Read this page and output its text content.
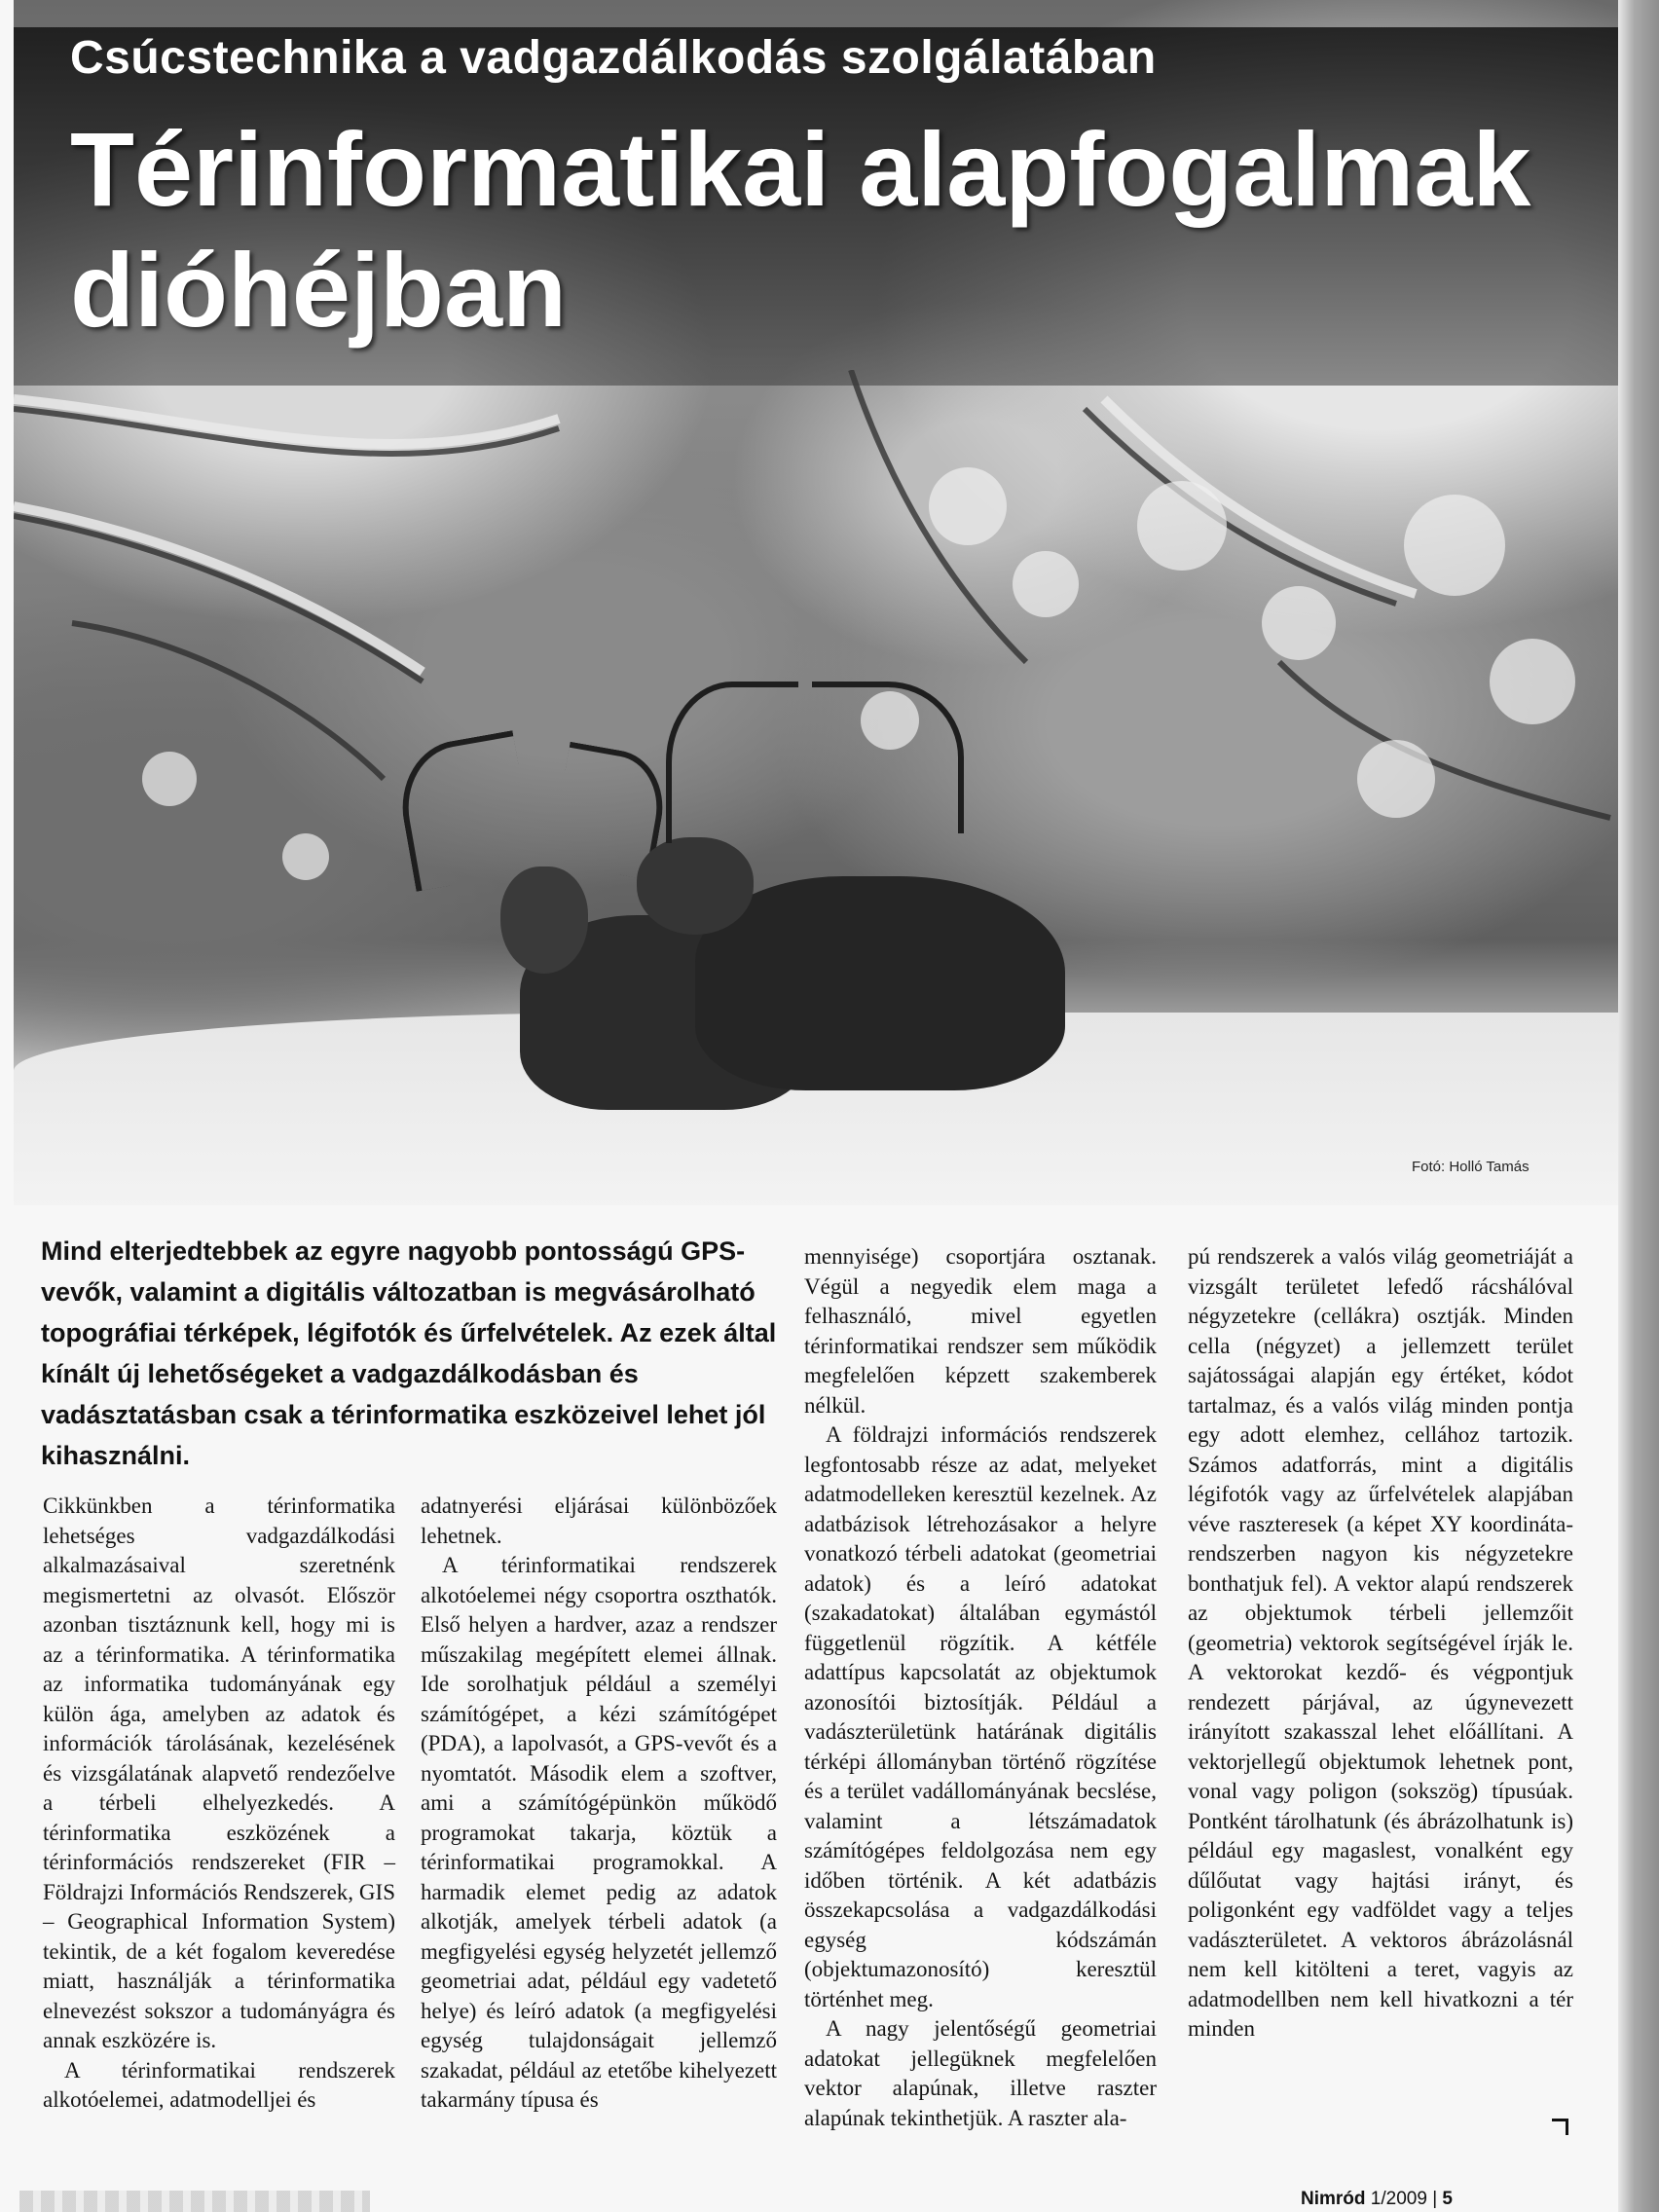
Csúcstechnika a vadgazdálkodás szolgálatában
Térinformatikai alapfogalmak
dióhéjban
Fotó: Holló Tamás
Mind elterjedtebbek az egyre nagyobb pontosságú GPS-vevők, valamint a digitális változatban is megvásárolható topográfiai térképek, légifotók és űrfelvételek. Az ezek által kínált új lehetőségeket a vadgazdálkodásban és vadásztatásban csak a térinformatika eszközeivel lehet jól kihasználni.

Cikkünkben a térinformatika lehetséges vadgazdálkodási alkalmazásaival szeretnénk megismertetni az olvasót. Először azonban tisztáznunk kell, hogy mi is az a térinformatika. A térinformatika az informatika tudományának egy külön ága, amelyben az adatok és információk tárolásának, kezelésének és vizsgálatának alapvető rendezőelve a térbeli elhelyezkedés. A térinformatika eszközének a térinformációs rendszereket (FIR – Földrajzi Információs Rendszerek, GIS – Geographical Information System) tekintik, de a két fogalom keveredése miatt, használják a térinformatika elnevezést sokszor a tudományágra és annak eszközére is.

A térinformatikai rendszerek alkotóelemei, adatmodelljei és

adatnyerési eljárásai különbözőek lehetnek.

A térinformatikai rendszerek alkotóelemei négy csoportra oszthatók. Első helyen a hardver, azaz a rendszer műszakilag megépített elemei állnak. Ide sorolhatjuk például a személyi számítógépet, a kézi számítógépet (PDA), a lapolvasót, a GPS-vevőt és a nyomtatót. Második elem a szoftver, ami a számítógépünkön működő programokat takarja, köztük a térinformatikai programokkal. A harmadik elemet pedig az adatok alkotják, amelyek térbeli adatok (a megfigyelési egység helyzetét jellemző geometriai adat, például egy vadetető helye) és leíró adatok (a megfigyelési egység tulajdonságait jellemző szakadat, például az etetőbe kihelyezett takarmány típusa és

mennyisége) csoportjára osztanak. Végül a negyedik elem maga a felhasználó, mivel egyetlen térinformatikai rendszer sem működik megfelelően képzett szakemberek nélkül.

A földrajzi információs rendszerek legfontosabb része az adat, melyeket adatmodelleken keresztül kezelnek. Az adatbázisok létrehozásakor a helyre vonatkozó térbeli adatokat (geometriai adatok) és a leíró adatokat (szakadatokat) általában egymástól függetlenül rögzítik. A kétféle adattípus kapcsolatát az objektumok azonosítói biztosítják. Például a vadászterületünk határának digitális térképi állományban történő rögzítése és a terület vadállományának becslése, valamint a létszámadatok számítógépes feldolgozása nem egy időben történik. A két adatbázis összekapcsolása a vadgazdálkodási egység kódszámán (objektumazonosító) keresztül történhet meg.

A nagy jelentőségű geometriai adatokat jellegüknek megfelelően vektor alapúnak, illetve raszter alapúnak tekinthetjük. A raszter ala-

pú rendszerek a valós világ geometriáját a vizsgált területet lefedő rácshálóval négyzetekre (cellákra) osztják. Minden cella (négyzet) a jellemzett terület sajátosságai alapján egy értéket, kódot tartalmaz, és a valós világ minden pontja egy adott elemhez, cellához tartozik. Számos adatforrás, mint a digitális légifotók vagy az űrfelvételek alapjában véve raszteresek (a képet XY koordináta-rendszerben nagyon kis négyzetekre bonthatjuk fel). A vektor alapú rendszerek az objektumok térbeli jellemzőit (geometria) vektorok segítségével írják le. A vektorokat kezdő- és végpontjuk rendezett párjával, az úgynevezett irányított szakasszal lehet előállítani. A vektorjellegű objektumok lehetnek pont, vonal vagy poligon (sokszög) típusúak. Pontként tárolhatunk (és ábrázolhatunk is) például egy magaslest, vonalként egy dűlőutat vagy hajtási irányt, és poligonként egy vadföldet vagy a teljes vadászterületet. A vektoros ábrázolásnál nem kell kitölteni a teret, vagyis az adatmodellben nem kell hivatkozni a tér minden

Nimród 1/2009 | 5
